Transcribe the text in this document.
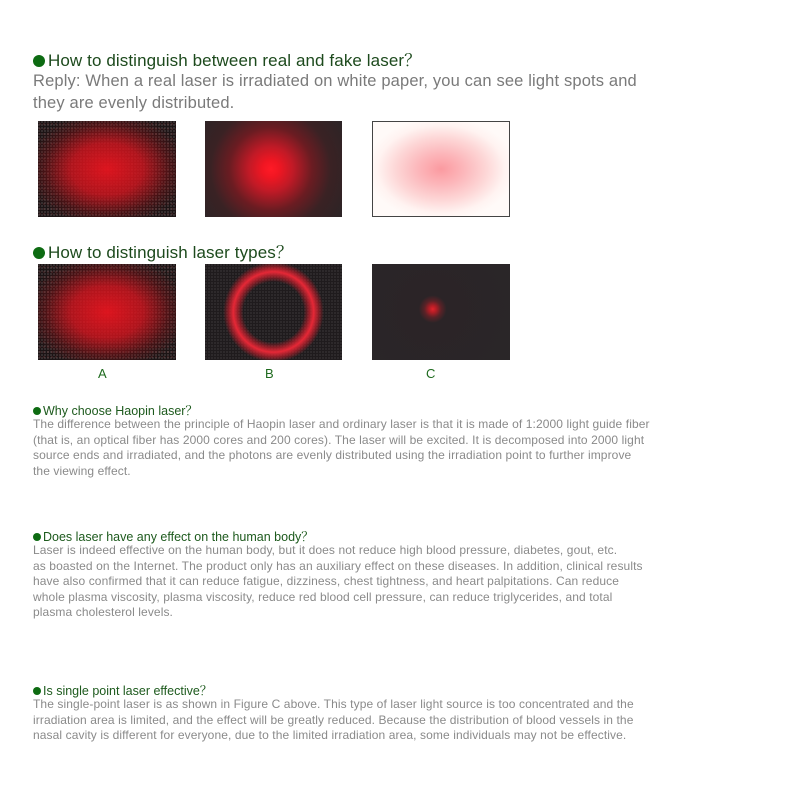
How to distinguish between real and fake laser？
Reply: When a real laser is irradiated on white paper, you can see light spots and
they are evenly distributed.
How to distinguish laser types？
A	B	C
Why choose Haopin laser？
The difference between the principle of Haopin laser and ordinary laser is that it is made of 1:2000 light guide fiber
(that is, an optical fiber has 2000 cores and 200 cores). The laser will be excited. It is decomposed into 2000 light
source ends and irradiated, and the photons are evenly distributed using the irradiation point to further improve
the viewing effect.
Does laser have any effect on the human body？
Laser is indeed effective on the human body, but it does not reduce high blood pressure, diabetes, gout, etc.
as boasted on the Internet. The product only has an auxiliary effect on these diseases. In addition, clinical results
have also confirmed that it can reduce fatigue, dizziness, chest tightness, and heart palpitations. Can reduce
whole plasma viscosity, plasma viscosity, reduce red blood cell pressure, can reduce triglycerides, and total
plasma cholesterol levels.
Is single point laser effective？
The single-point laser is as shown in Figure C above. This type of laser light source is too concentrated and the
irradiation area is limited, and the effect will be greatly reduced. Because the distribution of blood vessels in the
nasal cavity is different for everyone, due to the limited irradiation area, some individuals may not be effective.
